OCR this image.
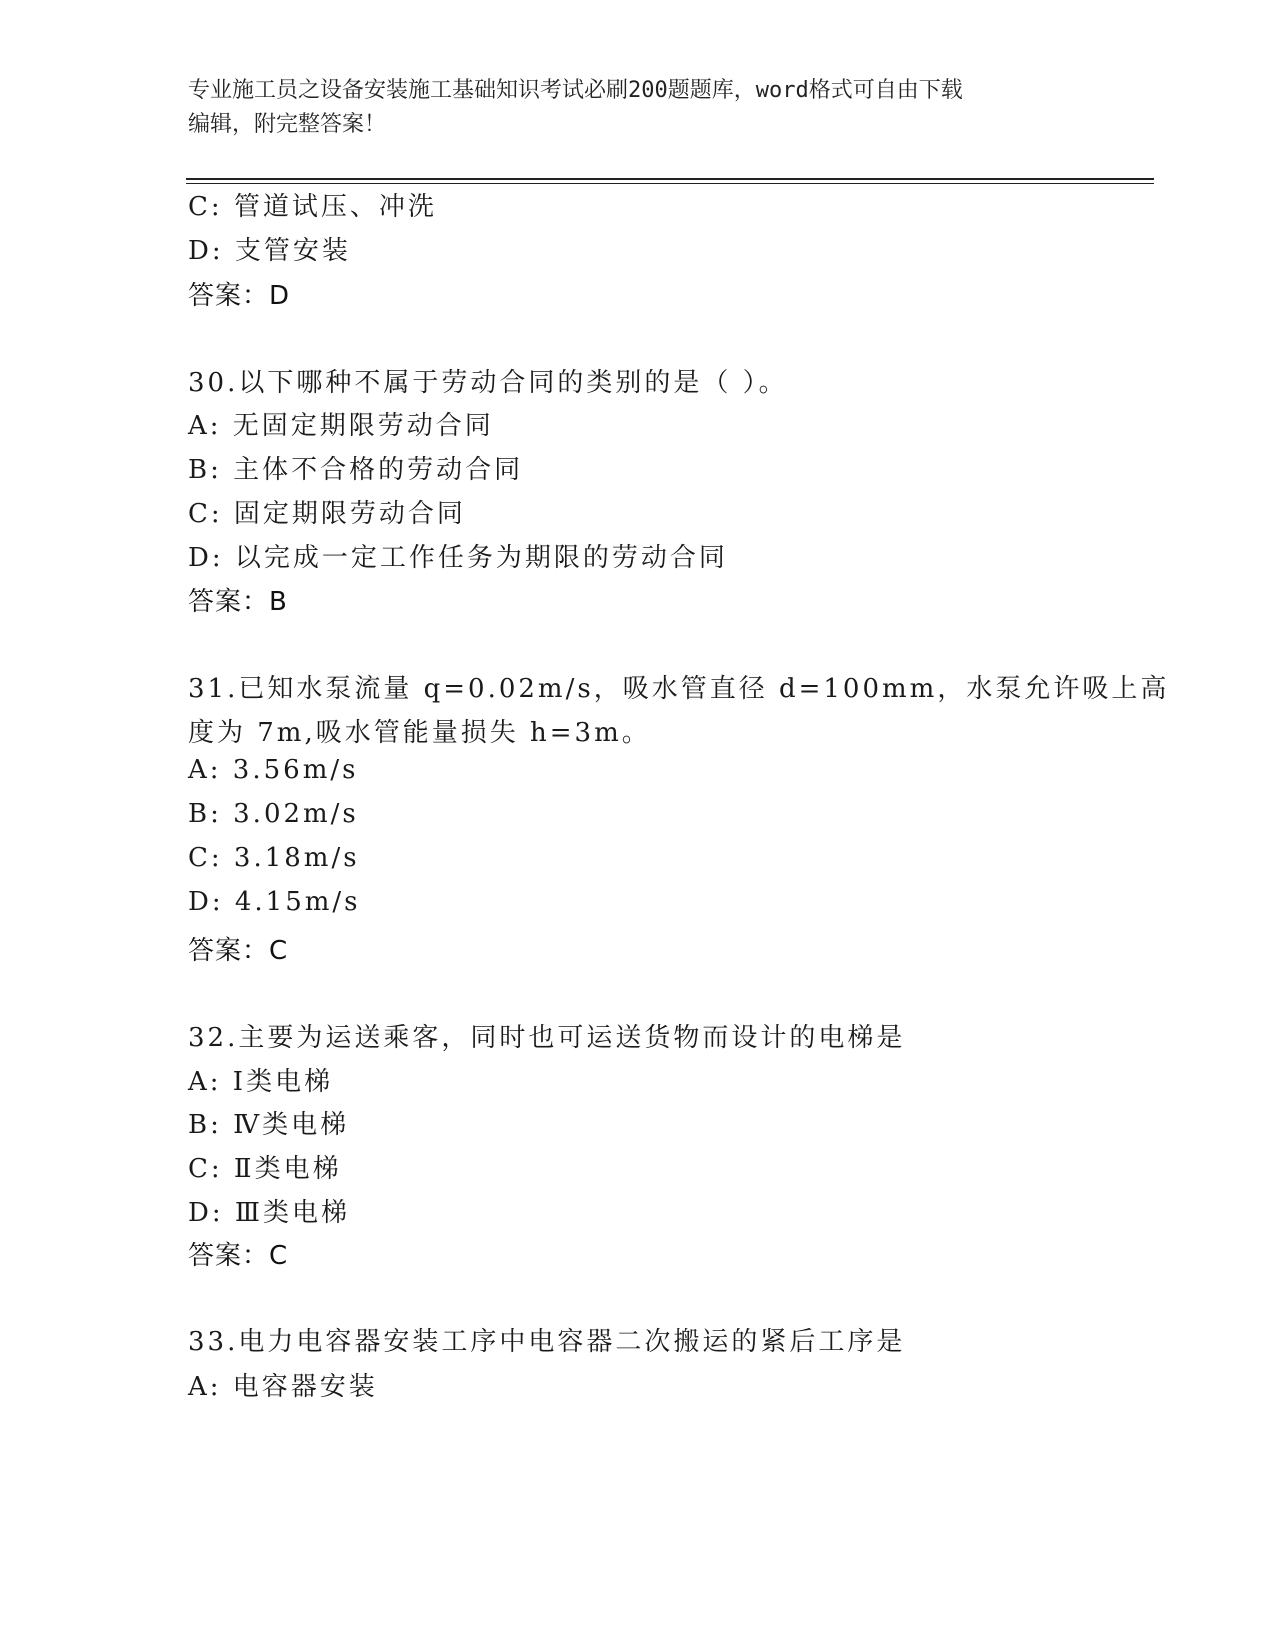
专业施工员之设备安装施工基础知识考试必刷200题题库，word格式可自由下载
编辑，附完整答案！
C: 管道试压、冲洗
D: 支管安装
答案：D
30.以下哪种不属于劳动合同的类别的是（ ）。
A: 无固定期限劳动合同
B: 主体不合格的劳动合同
C: 固定期限劳动合同
D: 以完成一定工作任务为期限的劳动合同
答案：B
31.已知水泵流量 q=0.02m/s，吸水管直径 d=100mm，水泵允许吸上高
度为 7m,吸水管能量损失 h=3m。
A: 3.56m/s
B: 3.02m/s
C: 3.18m/s
D: 4.15m/s
答案：C
32.主要为运送乘客，同时也可运送货物而设计的电梯是
A: Ⅰ类电梯
B: Ⅳ类电梯
C: Ⅱ类电梯
D: Ⅲ类电梯
答案：C
33.电力电容器安装工序中电容器二次搬运的紧后工序是
A: 电容器安装
